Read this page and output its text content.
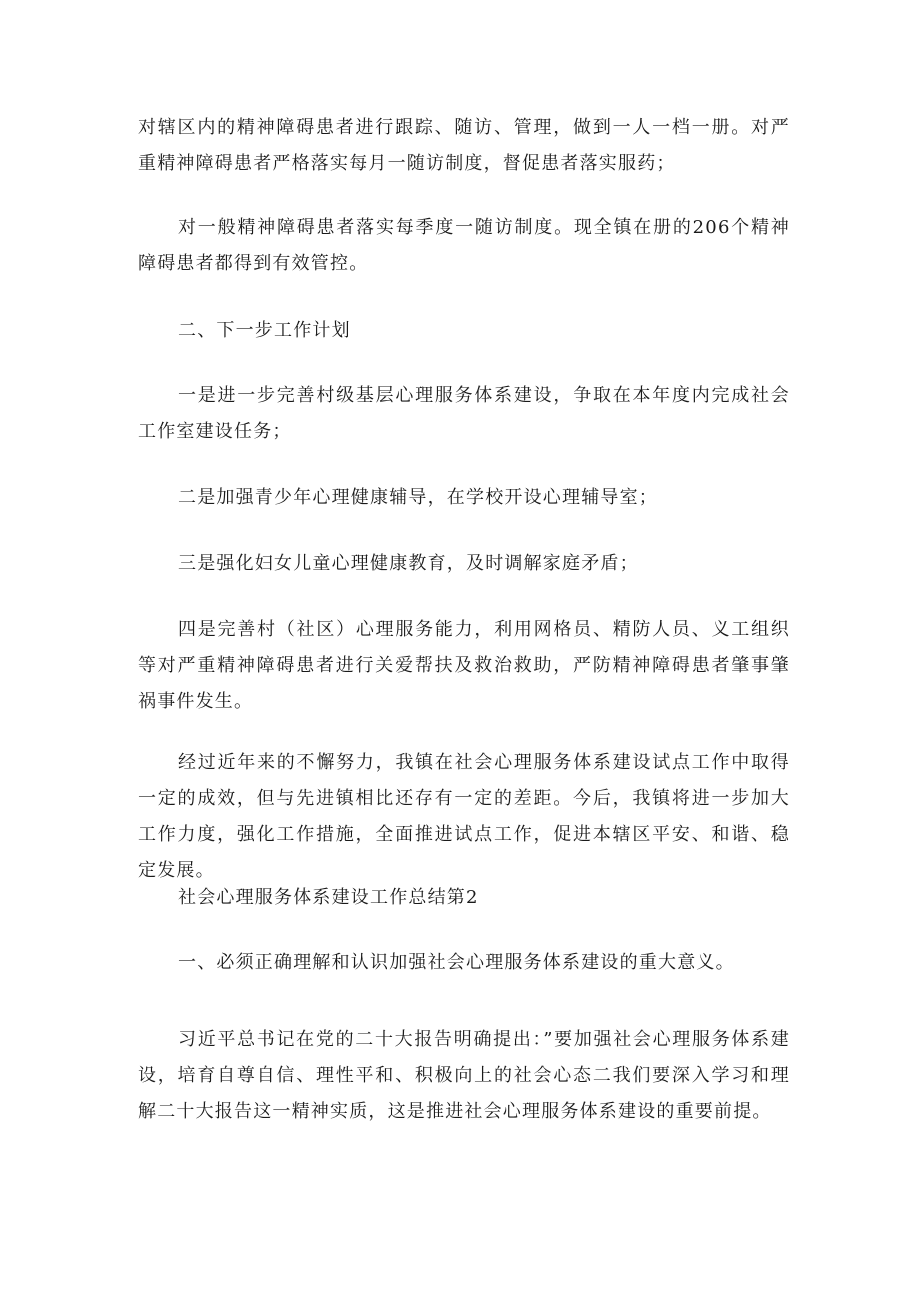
对辖区内的精神障碍患者进行跟踪、随访、管理，做到一人一档一册。对严重精神障碍患者严格落实每月一随访制度，督促患者落实服药；

对一般精神障碍患者落实每季度一随访制度。现全镇在册的206个精神障碍患者都得到有效管控。

二、下一步工作计划

一是进一步完善村级基层心理服务体系建设，争取在本年度内完成社会工作室建设任务；

二是加强青少年心理健康辅导，在学校开设心理辅导室；

三是强化妇女儿童心理健康教育，及时调解家庭矛盾；

四是完善村（社区）心理服务能力，利用网格员、精防人员、义工组织等对严重精神障碍患者进行关爱帮扶及救治救助，严防精神障碍患者肇事肇祸事件发生。

经过近年来的不懈努力，我镇在社会心理服务体系建设试点工作中取得一定的成效，但与先进镇相比还存有一定的差距。今后，我镇将进一步加大工作力度，强化工作措施，全面推进试点工作，促进本辖区平安、和谐、稳定发展。

社会心理服务体系建设工作总结第2

一、必须正确理解和认识加强社会心理服务体系建设的重大意义。

习近平总书记在党的二十大报告明确提出：”要加强社会心理服务体系建设，培育自尊自信、理性平和、积极向上的社会心态二我们要深入学习和理解二十大报告这一精神实质，这是推进社会心理服务体系建设的重要前提。
